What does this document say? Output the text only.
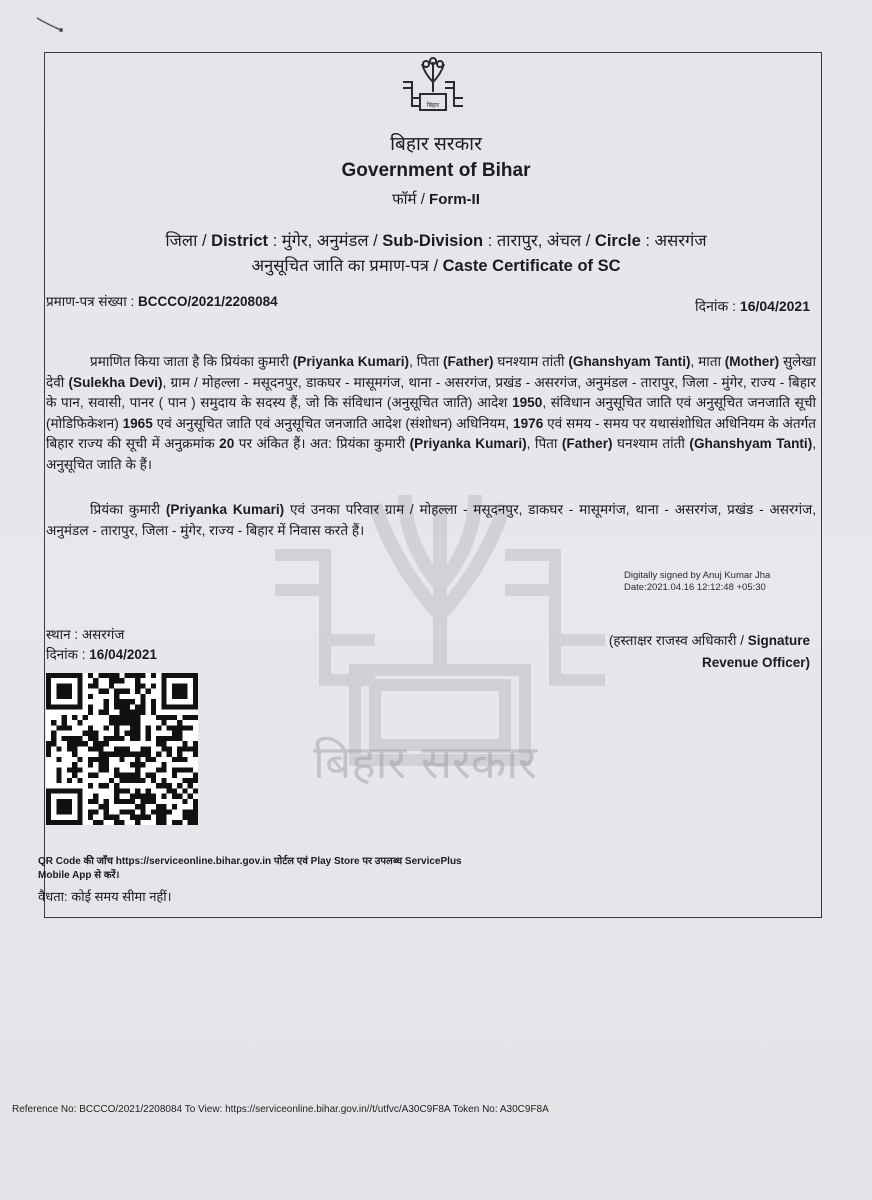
बिहार सरकार
बिहार
बिहार सरकार
Government of Bihar
फॉर्म / Form-II
जिला / District : मुंगेर, अनुमंडल / Sub-Division : तारापुर, अंचल / Circle : असरगंज
अनुसूचित जाति का प्रमाण-पत्र / Caste Certificate of SC
प्रमाण-पत्र संख्या : BCCCO/2021/2208084	दिनांक : 16/04/2021
प्रमाणित किया जाता है कि प्रियंका कुमारी (Priyanka Kumari), पिता (Father) घनश्याम तांती (Ghanshyam Tanti), माता (Mother) सुलेखा देवी (Sulekha Devi), ग्राम / मोहल्ला - मसूदनपुर, डाकघर - मासूमगंज, थाना - असरगंज, प्रखंड - असरगंज, अनुमंडल - तारापुर, जिला - मुंगेर, राज्य - बिहार के पान, सवासी, पानर ( पान ) समुदाय के सदस्य हैं, जो कि संविधान (अनुसूचित जाति) आदेश 1950, संविधान अनुसूचित जाति एवं अनुसूचित जनजाति सूची (मोडिफिकेशन) 1965 एवं अनुसूचित जाति एवं अनुसूचित जनजाति आदेश (संशोधन) अधिनियम, 1976 एवं समय - समय पर यथासंशोधित अधिनियम के अंतर्गत बिहार राज्य की सूची में अनुक्रमांक 20 पर अंकित हैं। अत: प्रियंका कुमारी (Priyanka Kumari), पिता (Father) घनश्याम तांती (Ghanshyam Tanti), अनुसूचित जाति के हैं।
प्रियंका कुमारी (Priyanka Kumari) एवं उनका परिवार ग्राम / मोहल्ला - मसूदनपुर, डाकघर - मासूमगंज, थाना - असरगंज, प्रखंड - असरगंज, अनुमंडल - तारापुर, जिला - मुंगेर, राज्य - बिहार में निवास करते हैं।
Digitally signed by Anuj Kumar Jha
Date:2021.04.16 12:12:48 +05:30
स्थान : असरगंज
दिनांक : 16/04/2021
(हस्ताक्षर राजस्व अधिकारी / Signature
Revenue Officer)
QR Code की जाँच https://serviceonline.bihar.gov.in पोर्टल एवं Play Store पर उपलब्ध ServicePlus
Mobile App से करें।
वैधता: कोई समय सीमा नहीं।
Reference No: BCCCO/2021/2208084 To View: https://serviceonline.bihar.gov.in//t/utfvc/A30C9F8A Token No: A30C9F8A
